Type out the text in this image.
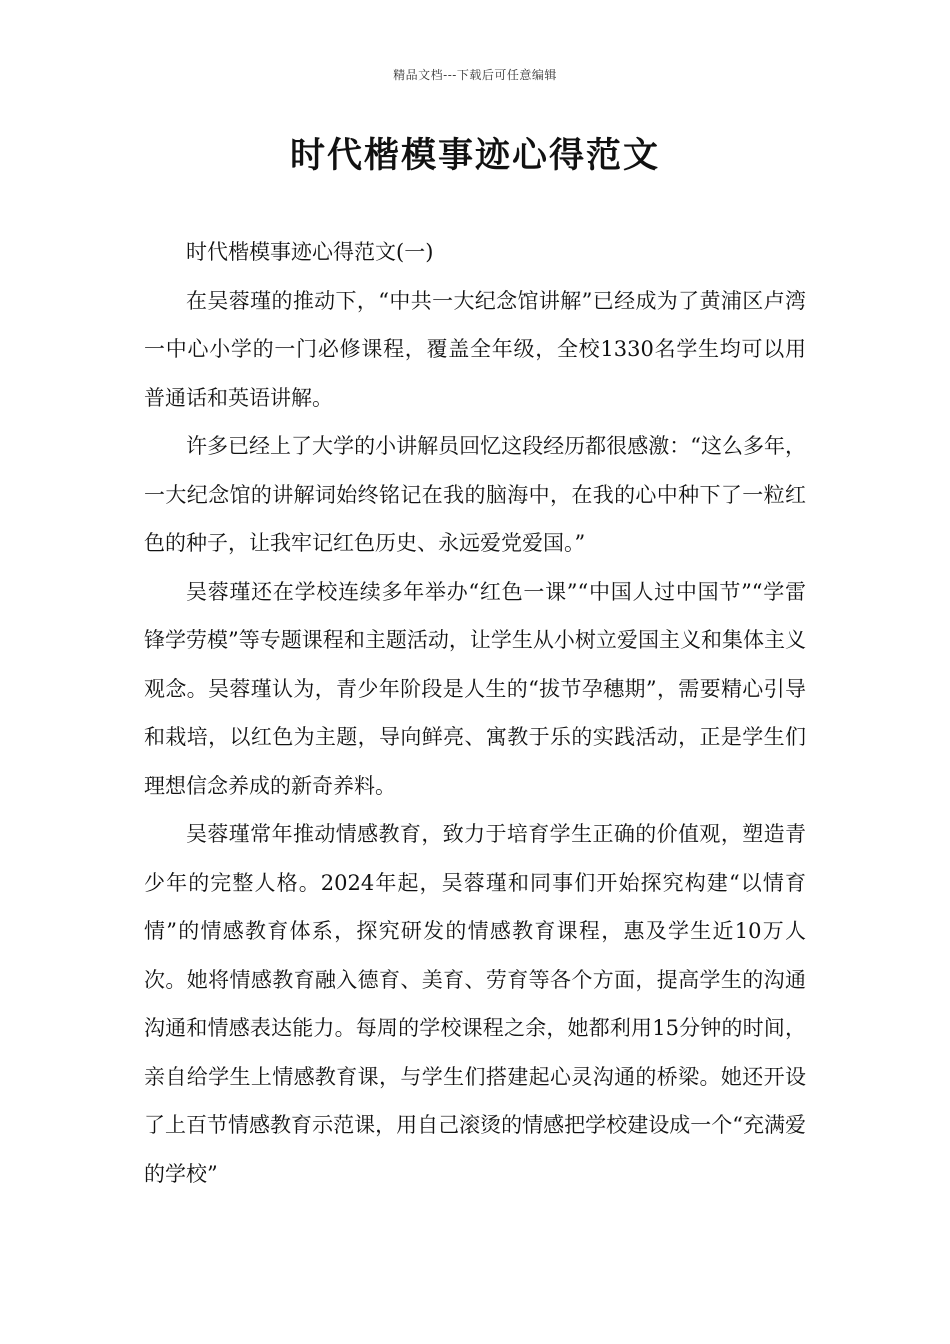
精品文档---下载后可任意编辑
时代楷模事迹心得范文

时代楷模事迹心得范文(一)

在吴蓉瑾的推动下，“中共一大纪念馆讲解”已经成为了黄浦区卢湾一中心小学的一门必修课程，覆盖全年级，全校1330名学生均可以用普通话和英语讲解。

许多已经上了大学的小讲解员回忆这段经历都很感激：“这么多年，一大纪念馆的讲解词始终铭记在我的脑海中，在我的心中种下了一粒红色的种子，让我牢记红色历史、永远爱党爱国。”

吴蓉瑾还在学校连续多年举办“红色一课”“中国人过中国节”“学雷锋学劳模”等专题课程和主题活动，让学生从小树立爱国主义和集体主义观念。吴蓉瑾认为，青少年阶段是人生的“拔节孕穗期”，需要精心引导和栽培，以红色为主题，导向鲜亮、寓教于乐的实践活动，正是学生们理想信念养成的新奇养料。

吴蓉瑾常年推动情感教育，致力于培育学生正确的价值观，塑造青少年的完整人格。2024年起，吴蓉瑾和同事们开始探究构建“以情育情”的情感教育体系，探究研发的情感教育课程，惠及学生近10万人次。她将情感教育融入德育、美育、劳育等各个方面，提高学生的沟通沟通和情感表达能力。每周的学校课程之余，她都利用15分钟的时间，亲自给学生上情感教育课，与学生们搭建起心灵沟通的桥梁。她还开设了上百节情感教育示范课，用自己滚烫的情感把学校建设成一个“充满爱的学校”
